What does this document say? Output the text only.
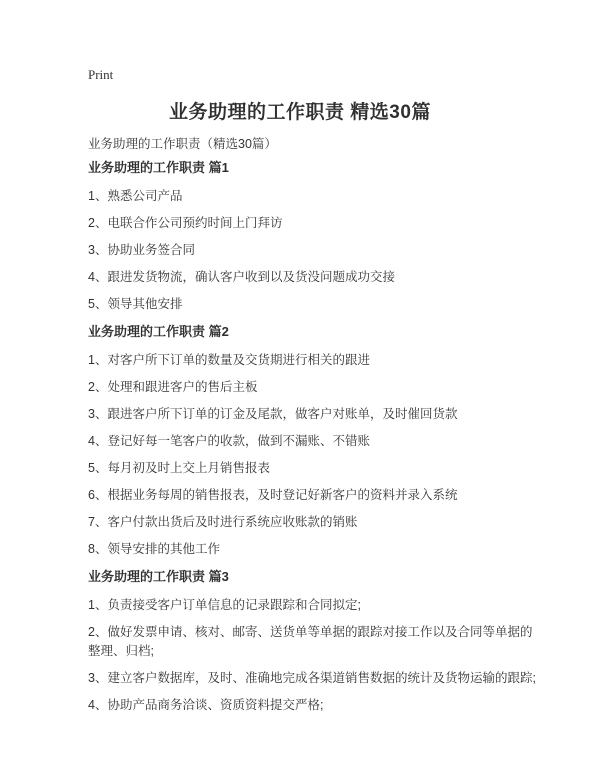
Print
业务助理的工作职责 精选30篇
业务助理的工作职责（精选30篇）
业务助理的工作职责 篇1

1、熟悉公司产品

2、电联合作公司预约时间上门拜访

3、协助业务签合同

4、跟进发货物流，确认客户收到以及货没问题成功交接

5、领导其他安排

业务助理的工作职责 篇2

1、对客户所下订单的数量及交货期进行相关的跟进

2、处理和跟进客户的售后主板

3、跟进客户所下订单的订金及尾款，做客户对账单，及时催回货款

4、登记好每一笔客户的收款，做到不漏账、不错账

5、每月初及时上交上月销售报表

6、根据业务每周的销售报表，及时登记好新客户的资料并录入系统

7、客户付款出货后及时进行系统应收账款的销账

8、领导安排的其他工作

业务助理的工作职责 篇3

1、负责接受客户订单信息的记录跟踪和合同拟定;

2、做好发票申请、核对、邮寄、送货单等单据的跟踪对接工作以及合同等单据的整理、归档;

3、建立客户数据库，及时、准确地完成各渠道销售数据的统计及货物运输的跟踪;

4、协助产品商务洽谈、资质资料提交严格;
